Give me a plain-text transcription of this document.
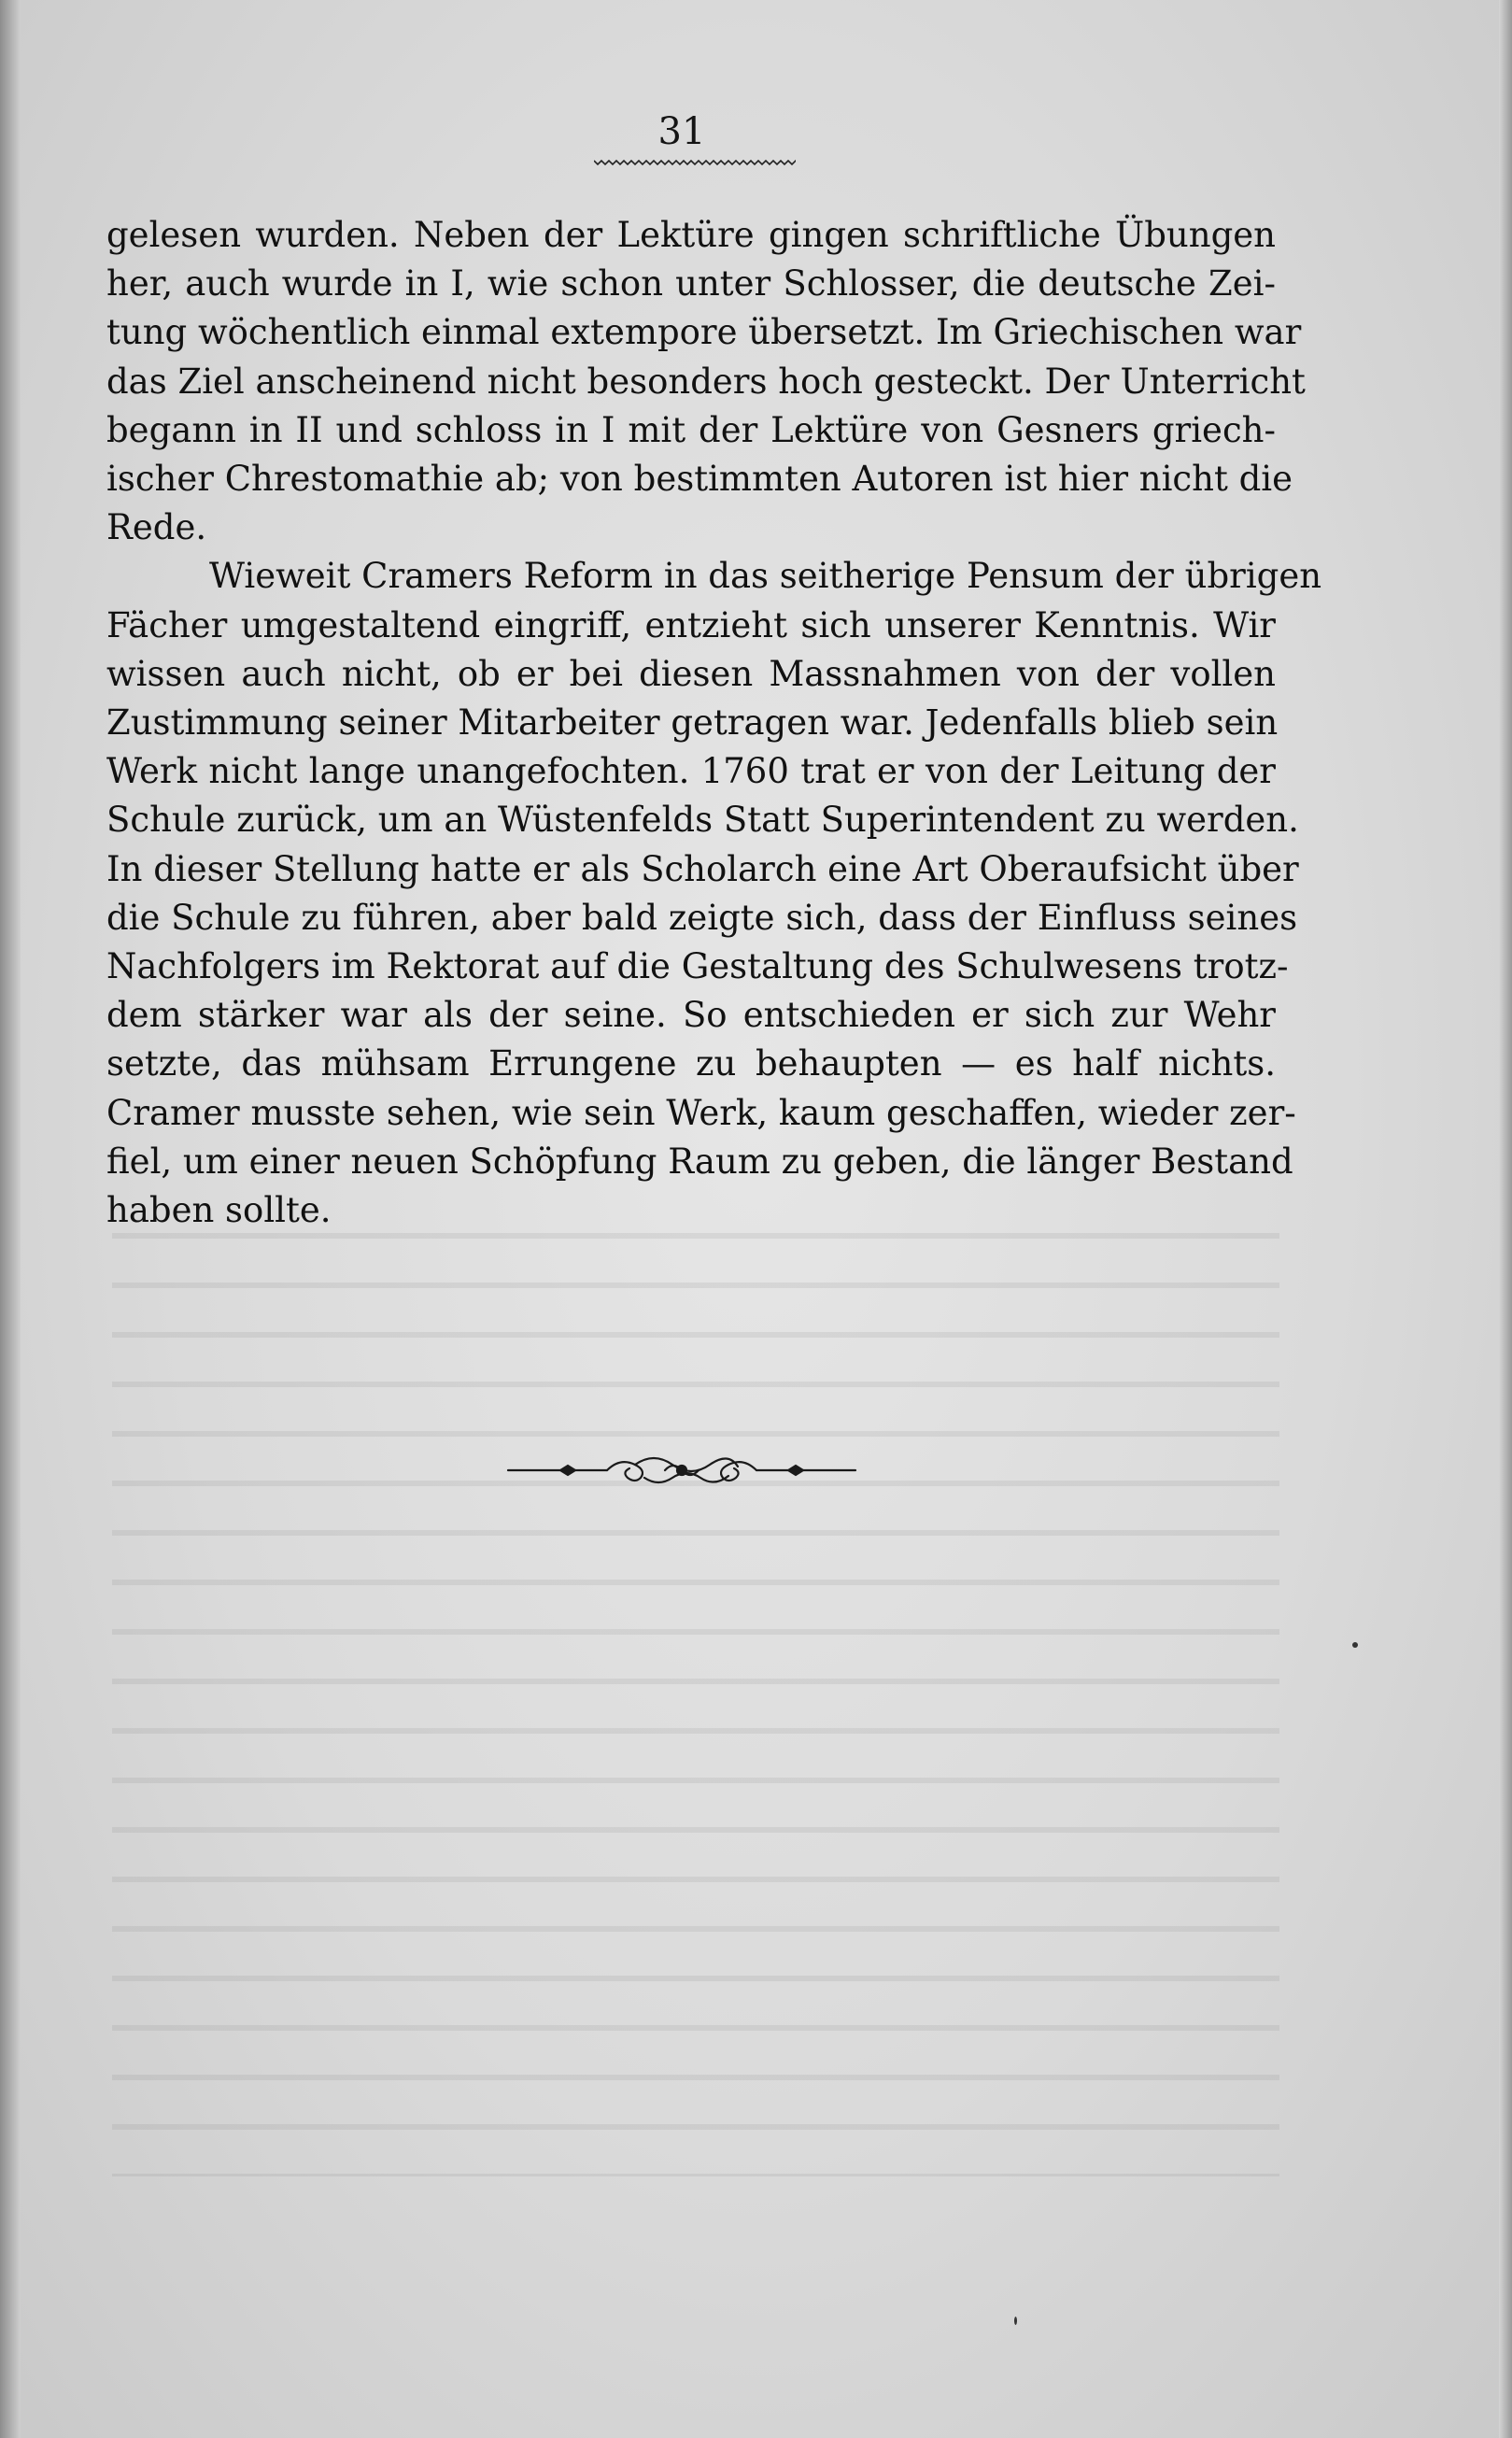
31
gelesen wurden. Neben der Lektüre gingen schriftliche Übungen
her, auch wurde in I, wie schon unter Schlosser, die deutsche Zei-
tung wöchentlich einmal extempore übersetzt. Im Griechischen war
das Ziel anscheinend nicht besonders hoch gesteckt. Der Unterricht
begann in II und schloss in I mit der Lektüre von Gesners griech-
ischer Chrestomathie ab; von bestimmten Autoren ist hier nicht die
Rede.
Wieweit Cramers Reform in das seitherige Pensum der übrigen
Fächer umgestaltend eingriff, entzieht sich unserer Kenntnis. Wir
wissen auch nicht, ob er bei diesen Massnahmen von der vollen
Zustimmung seiner Mitarbeiter getragen war. Jedenfalls blieb sein
Werk nicht lange unangefochten. 1760 trat er von der Leitung der
Schule zurück, um an Wüstenfelds Statt Superintendent zu werden.
In dieser Stellung hatte er als Scholarch eine Art Oberaufsicht über
die Schule zu führen, aber bald zeigte sich, dass der Einfluss seines
Nachfolgers im Rektorat auf die Gestaltung des Schulwesens trotz-
dem stärker war als der seine. So entschieden er sich zur Wehr
setzte, das mühsam Errungene zu behaupten — es half nichts.
Cramer musste sehen, wie sein Werk, kaum geschaffen, wieder zer-
fiel, um einer neuen Schöpfung Raum zu geben, die länger Bestand
haben sollte.
